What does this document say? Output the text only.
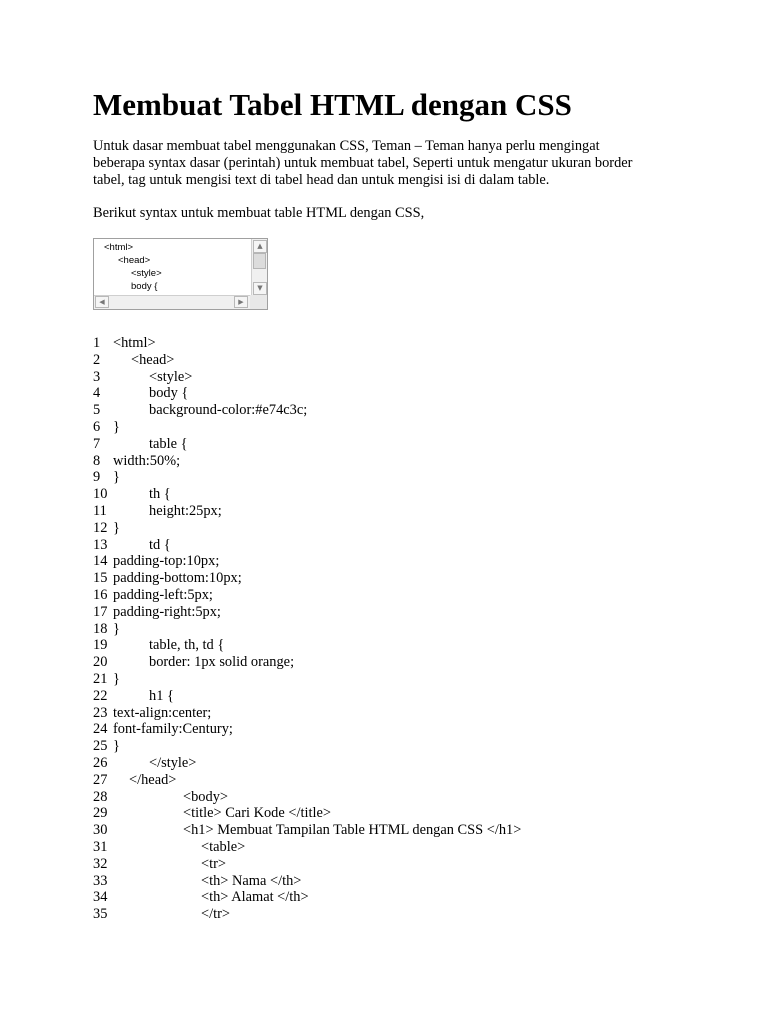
Membuat Tabel HTML dengan CSS
Untuk dasar membuat tabel menggunakan CSS, Teman – Teman hanya perlu mengingat
beberapa syntax dasar (perintah) untuk membuat tabel, Seperti untuk mengatur ukuran border
tabel, tag untuk mengisi text di tabel head dan untuk mengisi isi di dalam table.
Berikut syntax untuk membuat table HTML dengan CSS,
<html>
<head>
<style>
body {
▲
▼
◀	▶
1 <html>
2 <head>
3	<style>
4	body {
5	background-color:#e74c3c;
6 }
7	table {
8 width:50%;
9 }
10	th {
11	height:25px;
12 }
13	td {
14 padding-top:10px;
15 padding-bottom:10px;
16 padding-left:5px;
17 padding-right:5px;
18 }
19	table, th, td {
20	border: 1px solid orange;
21 }
22	h1 {
23 text-align:center;
24 font-family:Century;
25 }
26	</style>
27 </head>
28	<body>
29	<title> Cari Kode </title>
30	<h1> Membuat Tampilan Table HTML dengan CSS </h1>
31	<table>
32	<tr>
33	<th> Nama </th>
34	<th> Alamat </th>
35	</tr>
